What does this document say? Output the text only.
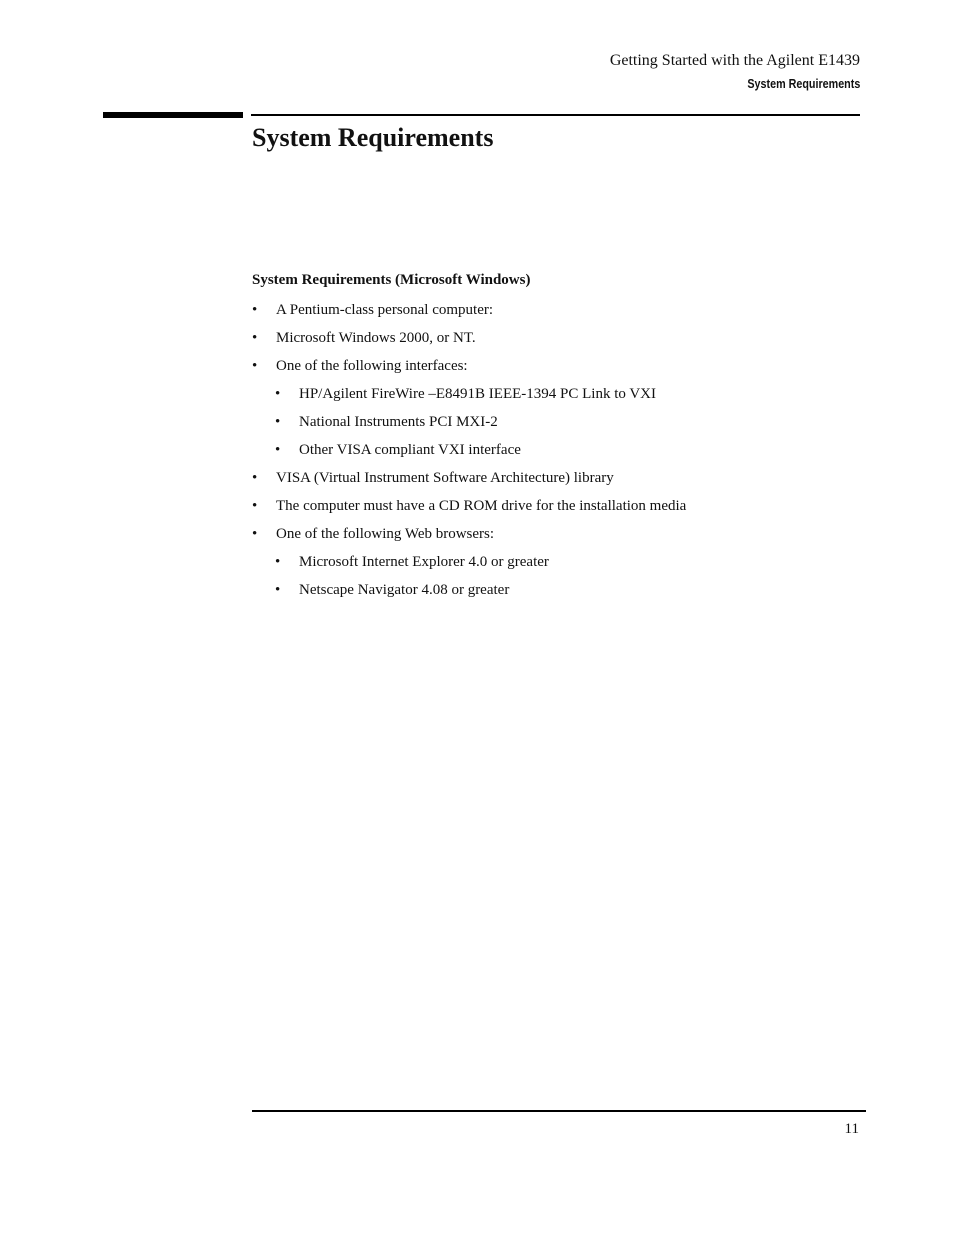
Getting Started with the Agilent E1439
System Requirements
System Requirements
System Requirements (Microsoft Windows)
• A Pentium-class personal computer:
• Microsoft Windows 2000, or NT.
• One of the following interfaces:
• HP/Agilent FireWire –E8491B IEEE-1394 PC Link to VXI
• National Instruments PCI MXI-2
• Other VISA compliant VXI interface
• VISA (Virtual Instrument Software Architecture) library
• The computer must have a CD ROM drive for the installation media
• One of the following Web browsers:
• Microsoft Internet Explorer 4.0 or greater
• Netscape Navigator 4.08 or greater
11
